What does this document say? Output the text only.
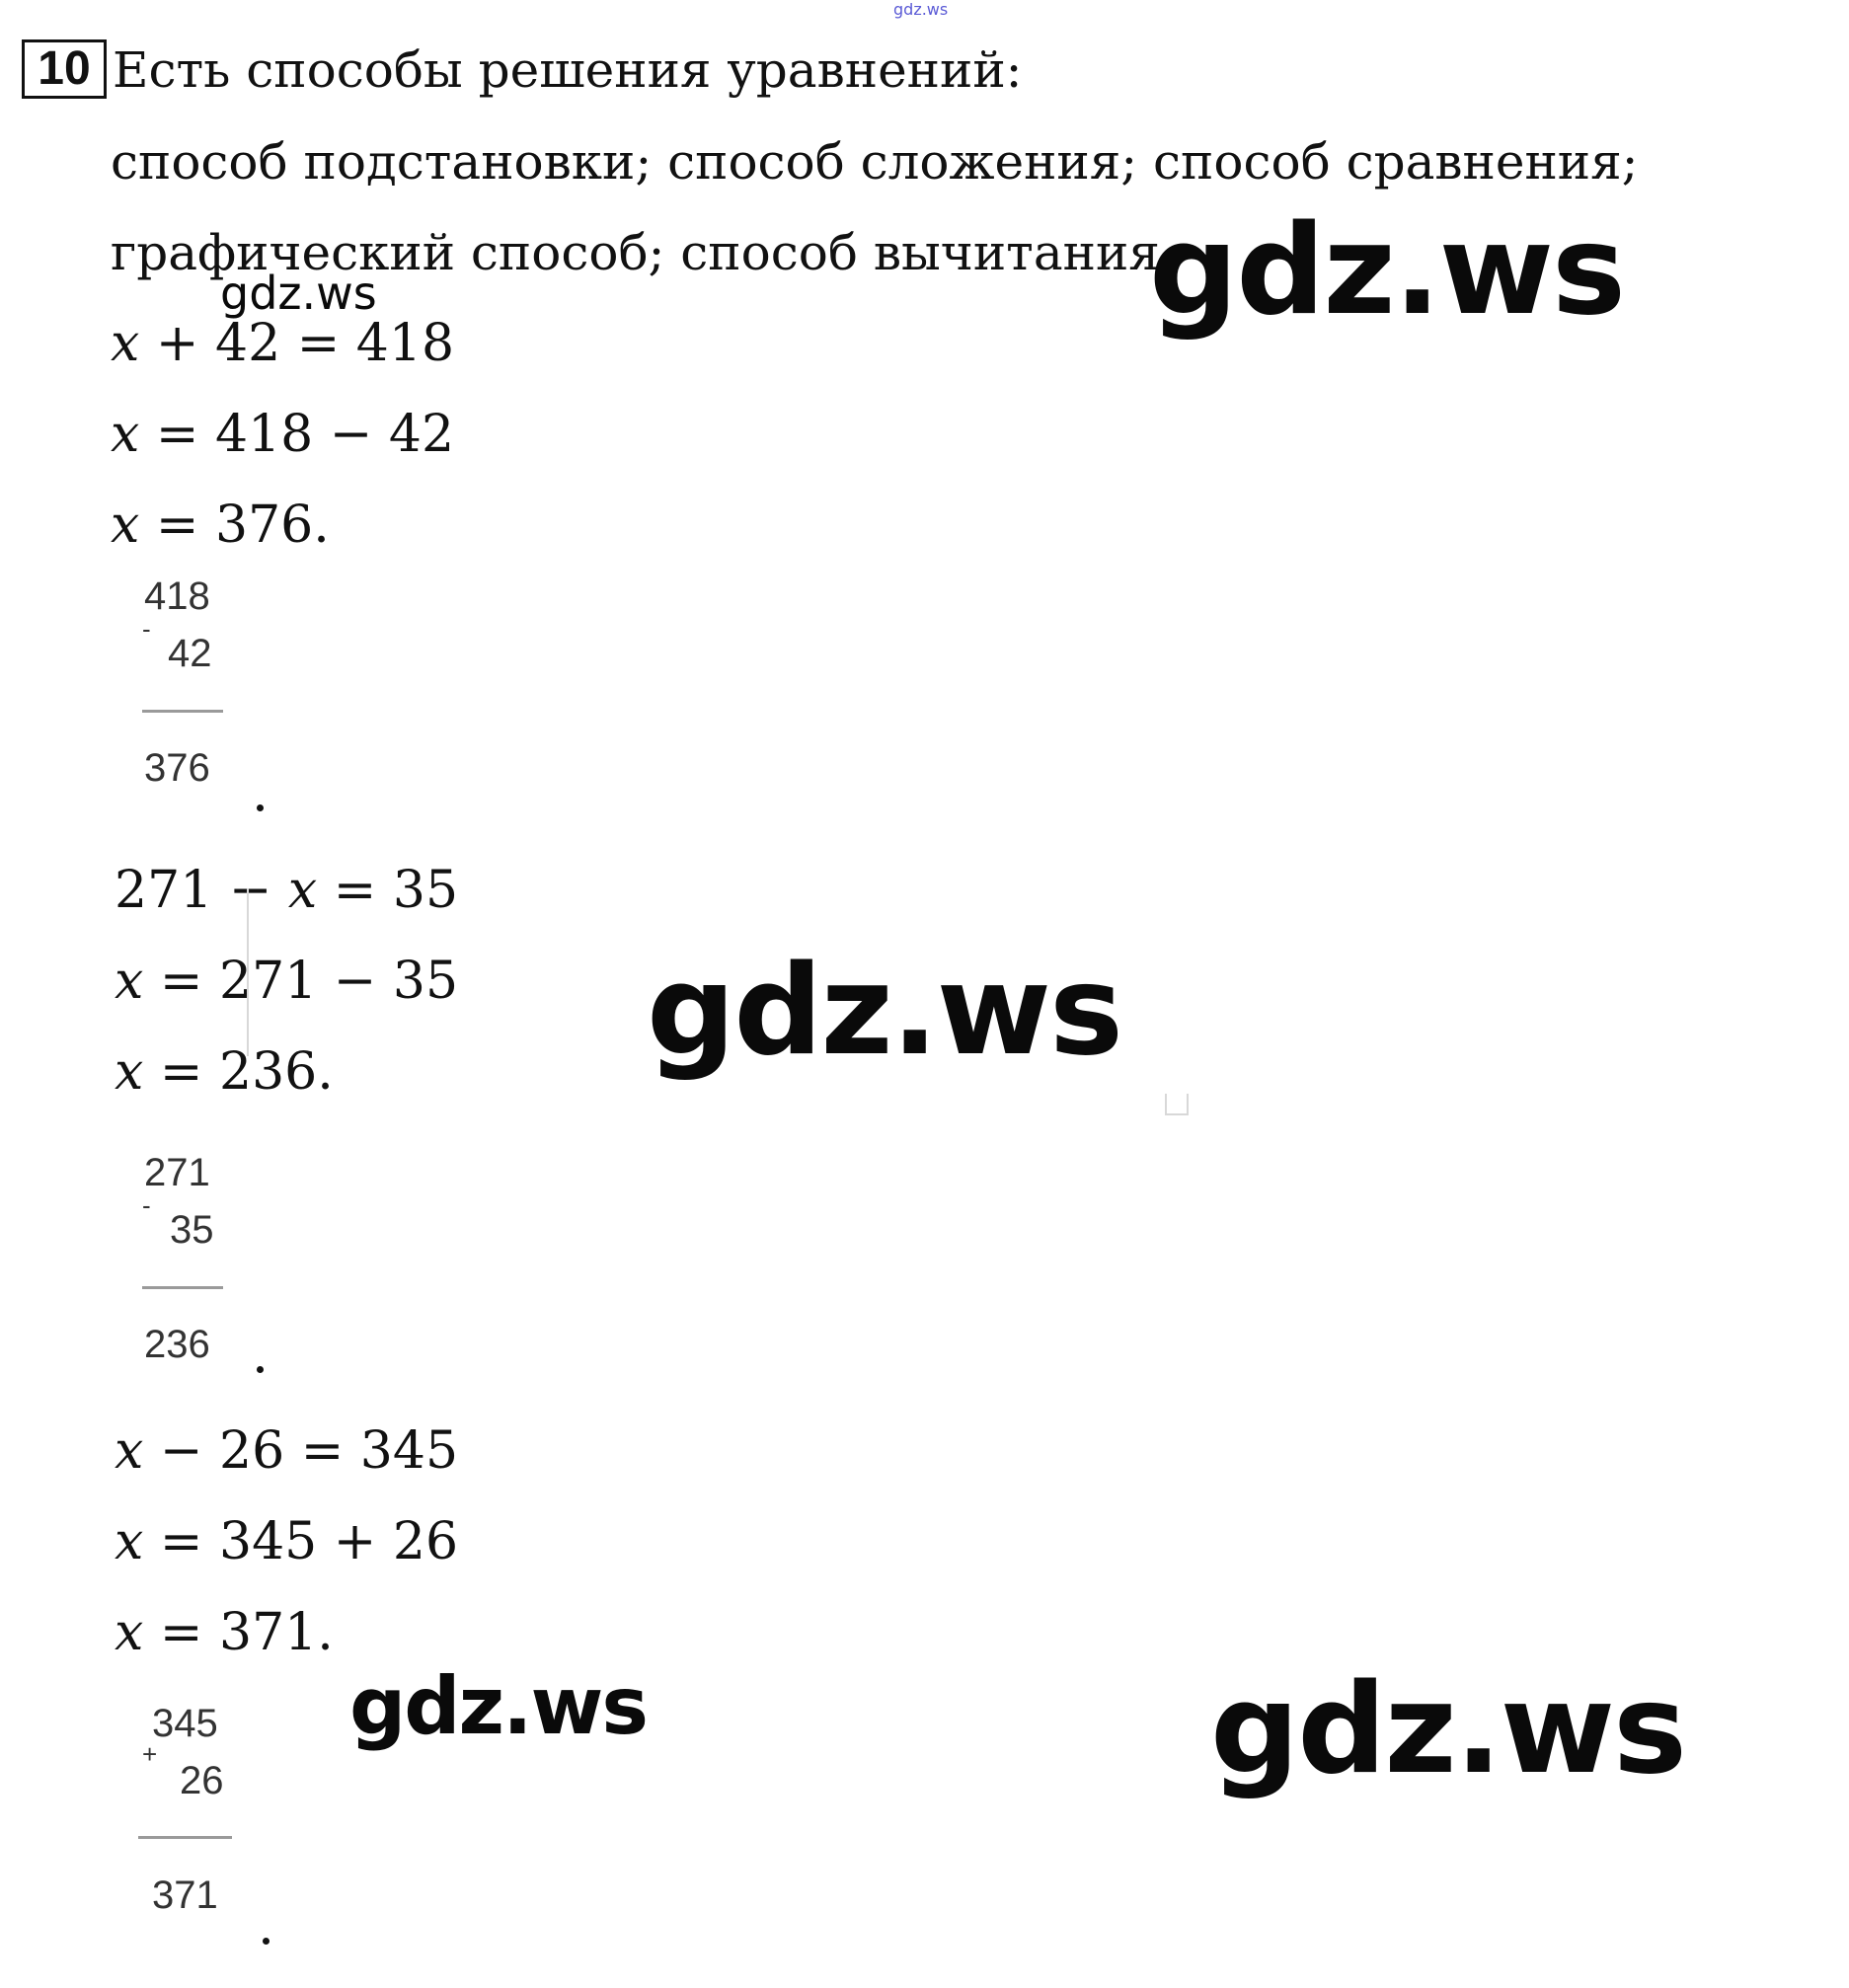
gdz.ws
10 Есть способы решения уравнений:
способ подстановки; способ сложения; способ сравнения;
графический способ; способ вычитания.
x + 42 = 418
x = 418 − 42
x = 376.
418
-
42
376
271 − x = 35
x = 271 − 35
x = 236.
271
-
35
236
x − 26 = 345
x = 345 + 26
x = 371.
345
+
26
371
gdz.ws	gdz.ws
gdz.ws
gdz.ws	gdz.ws
